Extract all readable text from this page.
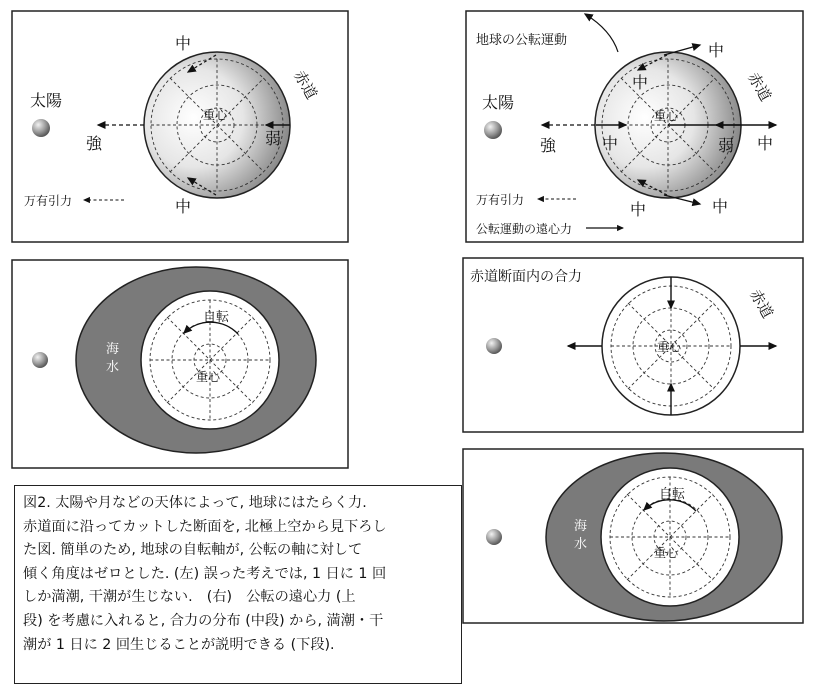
太陽
中
中
強	弱
重心
赤道
万有引力
地球の公転運動
太陽
中
中
中	中
強	中	弱 中
重心
赤道
万有引力
公転運動の遠心力
自転
重心
海 水
赤道断面内の合力
重心
赤道
自転
重心
海 水
図2. 太陽や月などの天体によって, 地球にはたらく力.
赤道面に沿ってカットした断面を, 北極上空から見下ろし
た図. 簡単のため, 地球の自転軸が, 公転の軸に対して
傾く角度はゼロとした. (左) 誤った考えでは, 1 日に 1 回
しか満潮, 干潮が生じない.　(右)　公転の遠心力 (上
段) を考慮に入れると, 合力の分布 (中段) から, 満潮・干
潮が 1 日に 2 回生じることが説明できる (下段).
